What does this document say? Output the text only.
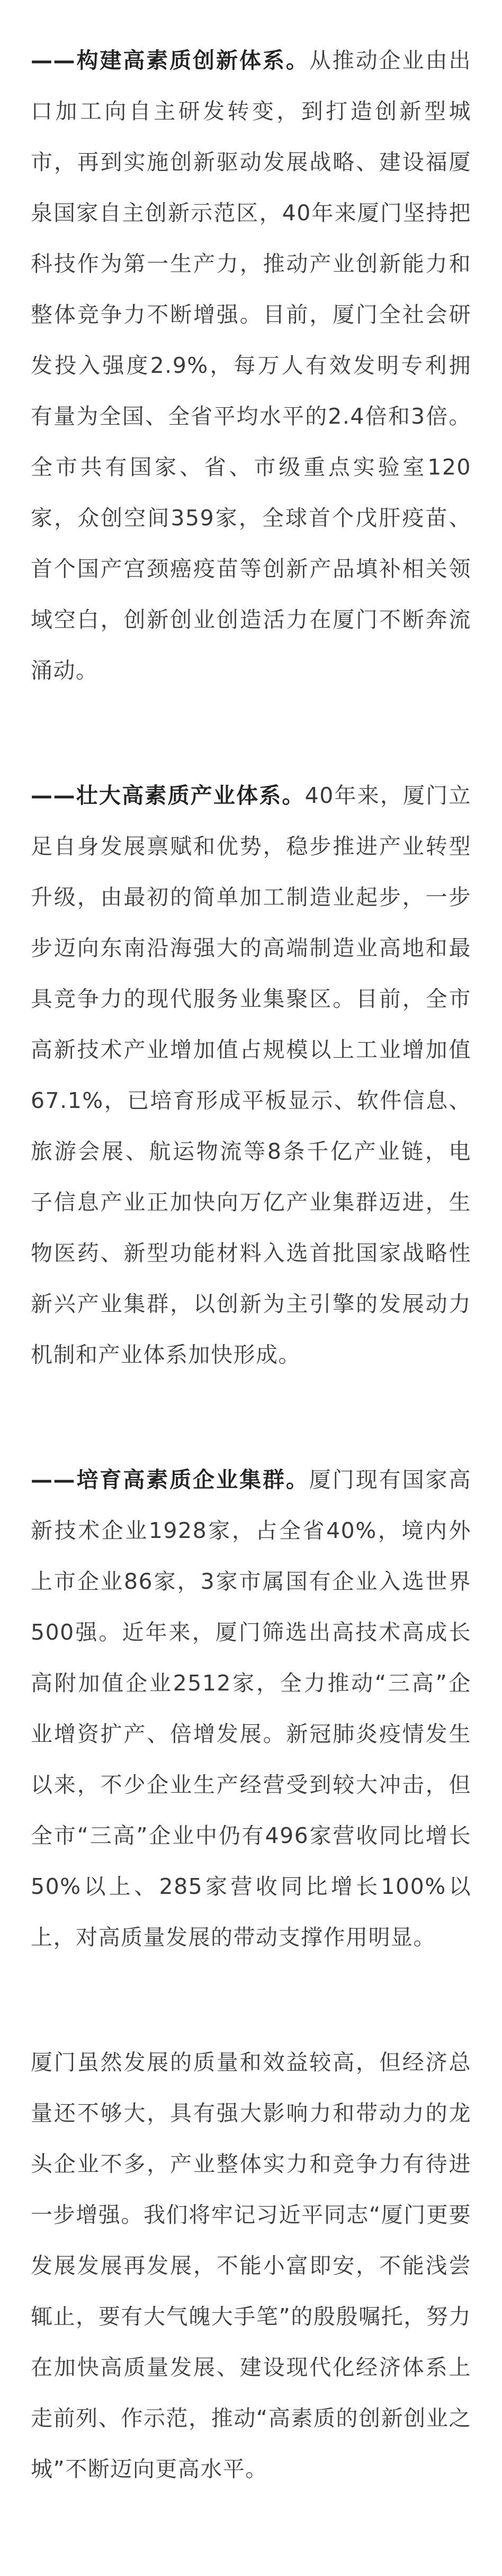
——构建高素质创新体系。从推动企业由出口加工向自主研发转变，到打造创新型城市，再到实施创新驱动发展战略、建设福厦泉国家自主创新示范区，40年来厦门坚持把科技作为第一生产力，推动产业创新能力和整体竞争力不断增强。目前，厦门全社会研发投入强度2.9%，每万人有效发明专利拥有量为全国、全省平均水平的2.4倍和3倍。全市共有国家、省、市级重点实验室120家，众创空间359家，全球首个戊肝疫苗、首个国产宫颈癌疫苗等创新产品填补相关领域空白，创新创业创造活力在厦门不断奔流涌动。

——壮大高素质产业体系。40年来，厦门立足自身发展禀赋和优势，稳步推进产业转型升级，由最初的简单加工制造业起步，一步步迈向东南沿海强大的高端制造业高地和最具竞争力的现代服务业集聚区。目前，全市高新技术产业增加值占规模以上工业增加值67.1%，已培育形成平板显示、软件信息、旅游会展、航运物流等8条千亿产业链，电子信息产业正加快向万亿产业集群迈进，生物医药、新型功能材料入选首批国家战略性新兴产业集群，以创新为主引擎的发展动力机制和产业体系加快形成。

——培育高素质企业集群。厦门现有国家高新技术企业1928家，占全省40%，境内外上市企业86家，3家市属国有企业入选世界500强。近年来，厦门筛选出高技术高成长高附加值企业2512家，全力推动“三高”企业增资扩产、倍增发展。新冠肺炎疫情发生以来，不少企业生产经营受到较大冲击，但全市“三高”企业中仍有496家营收同比增长50%以上、285家营收同比增长100%以上，对高质量发展的带动支撑作用明显。

厦门虽然发展的质量和效益较高，但经济总量还不够大，具有强大影响力和带动力的龙头企业不多，产业整体实力和竞争力有待进一步增强。我们将牢记习近平同志“厦门更要发展发展再发展，不能小富即安，不能浅尝辄止，要有大气魄大手笔”的殷殷嘱托，努力在加快高质量发展、建设现代化经济体系上走前列、作示范，推动“高素质的创新创业之城”不断迈向更高水平。
